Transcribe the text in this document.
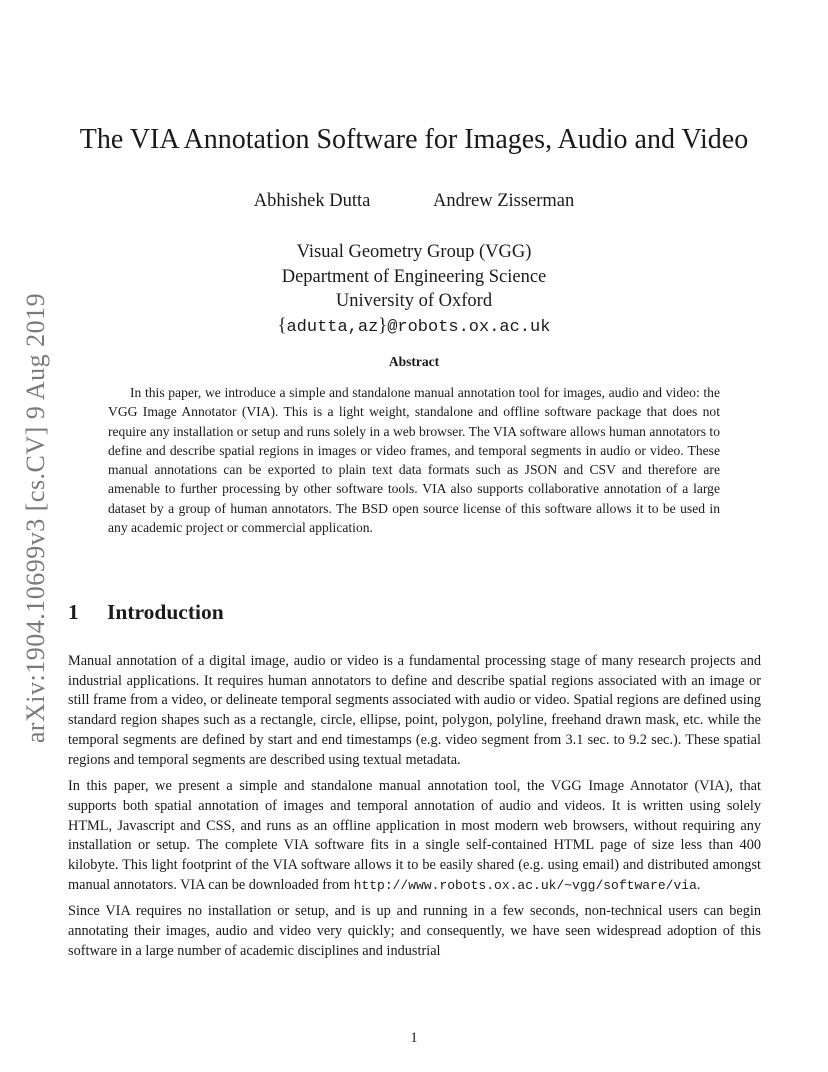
arXiv:1904.10699v3 [cs.CV] 9 Aug 2019
The VIA Annotation Software for Images, Audio and Video
Abhishek Dutta	Andrew Zisserman
Visual Geometry Group (VGG)
Department of Engineering Science
University of Oxford
{adutta,az}@robots.ox.ac.uk
Abstract

In this paper, we introduce a simple and standalone manual annotation tool for images, audio and video: the VGG Image Annotator (VIA). This is a light weight, standalone and offline software package that does not require any installation or setup and runs solely in a web browser. The VIA software allows human annotators to define and describe spatial regions in images or video frames, and temporal segments in audio or video. These manual annotations can be exported to plain text data formats such as JSON and CSV and therefore are amenable to further processing by other software tools. VIA also supports collaborative annotation of a large dataset by a group of human annotators. The BSD open source license of this software allows it to be used in any academic project or commercial application.

1 Introduction

Manual annotation of a digital image, audio or video is a fundamental processing stage of many research projects and industrial applications. It requires human annotators to define and describe spatial regions associated with an image or still frame from a video, or delineate temporal segments associated with audio or video. Spatial regions are defined using standard region shapes such as a rectangle, circle, ellipse, point, polygon, polyline, freehand drawn mask, etc. while the temporal segments are defined by start and end timestamps (e.g. video segment from 3.1 sec. to 9.2 sec.). These spatial regions and temporal segments are described using textual metadata.

In this paper, we present a simple and standalone manual annotation tool, the VGG Image Annotator (VIA), that supports both spatial annotation of images and temporal annotation of audio and videos. It is written using solely HTML, Javascript and CSS, and runs as an offline application in most modern web browsers, without requiring any installation or setup. The complete VIA software fits in a single self-contained HTML page of size less than 400 kilobyte. This light footprint of the VIA software allows it to be easily shared (e.g. using email) and distributed amongst manual annotators. VIA can be downloaded from http://www.robots.ox.ac.uk/~vgg/software/via.

Since VIA requires no installation or setup, and is up and running in a few seconds, non-technical users can begin annotating their images, audio and video very quickly; and consequently, we have seen widespread adoption of this software in a large number of academic disciplines and industrial

1
